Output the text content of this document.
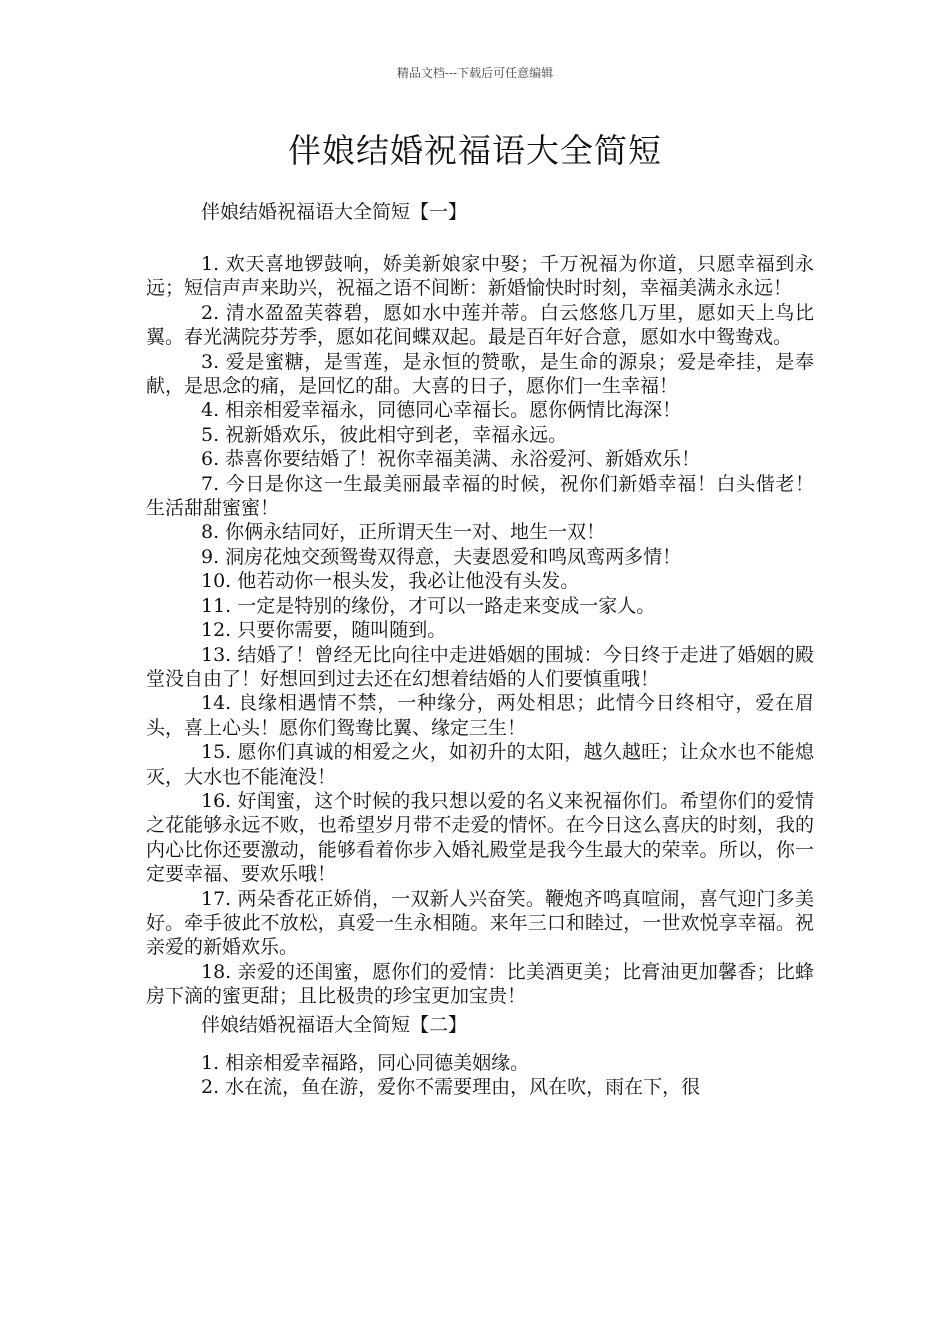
精品文档---下载后可任意编辑
伴娘结婚祝福语大全简短
伴娘结婚祝福语大全简短【一】
1. 欢天喜地锣鼓响，娇美新娘家中娶；千万祝福为你道，只愿幸福到永远；短信声声来助兴，祝福之语不间断：新婚愉快时时刻，幸福美满永永远！
2. 清水盈盈芙蓉碧，愿如水中莲并蒂。白云悠悠几万里，愿如天上鸟比翼。春光满院芬芳季，愿如花间蝶双起。最是百年好合意，愿如水中鸳鸯戏。
3. 爱是蜜糖，是雪莲，是永恒的赞歌，是生命的源泉；爱是牵挂，是奉献，是思念的痛，是回忆的甜。大喜的日子，愿你们一生幸福！
4. 相亲相爱幸福永，同德同心幸福长。愿你俩情比海深！
5. 祝新婚欢乐，彼此相守到老，幸福永远。
6. 恭喜你要结婚了！祝你幸福美满、永浴爱河、新婚欢乐！
7. 今日是你这一生最美丽最幸福的时候，祝你们新婚幸福！白头偕老！生活甜甜蜜蜜！
8. 你俩永结同好，正所谓天生一对、地生一双！
9. 洞房花烛交颈鸳鸯双得意，夫妻恩爱和鸣凤鸾两多情！
10. 他若动你一根头发，我必让他没有头发。
11. 一定是特别的缘份，才可以一路走来变成一家人。
12. 只要你需要，随叫随到。
13. 结婚了！曾经无比向往中走进婚姻的围城：今日终于走进了婚姻的殿堂没自由了！好想回到过去还在幻想着结婚的人们要慎重哦！
14. 良缘相遇情不禁，一种缘分，两处相思；此情今日终相守，爱在眉头，喜上心头！愿你们鸳鸯比翼、缘定三生！
15. 愿你们真诚的相爱之火，如初升的太阳，越久越旺；让众水也不能熄灭，大水也不能淹没！
16. 好闺蜜，这个时候的我只想以爱的名义来祝福你们。希望你们的爱情之花能够永远不败，也希望岁月带不走爱的情怀。在今日这么喜庆的时刻，我的内心比你还要激动，能够看着你步入婚礼殿堂是我今生最大的荣幸。所以，你一定要幸福、要欢乐哦！
17. 两朵香花正娇俏，一双新人兴奋笑。鞭炮齐鸣真喧闹，喜气迎门多美好。牵手彼此不放松，真爱一生永相随。来年三口和睦过，一世欢悦享幸福。祝亲爱的新婚欢乐。
18. 亲爱的还闺蜜，愿你们的爱情：比美酒更美；比膏油更加馨香；比蜂房下滴的蜜更甜；且比极贵的珍宝更加宝贵！
伴娘结婚祝福语大全简短【二】
1. 相亲相爱幸福路，同心同德美姻缘。
2. 水在流，鱼在游，爱你不需要理由，风在吹，雨在下，很
